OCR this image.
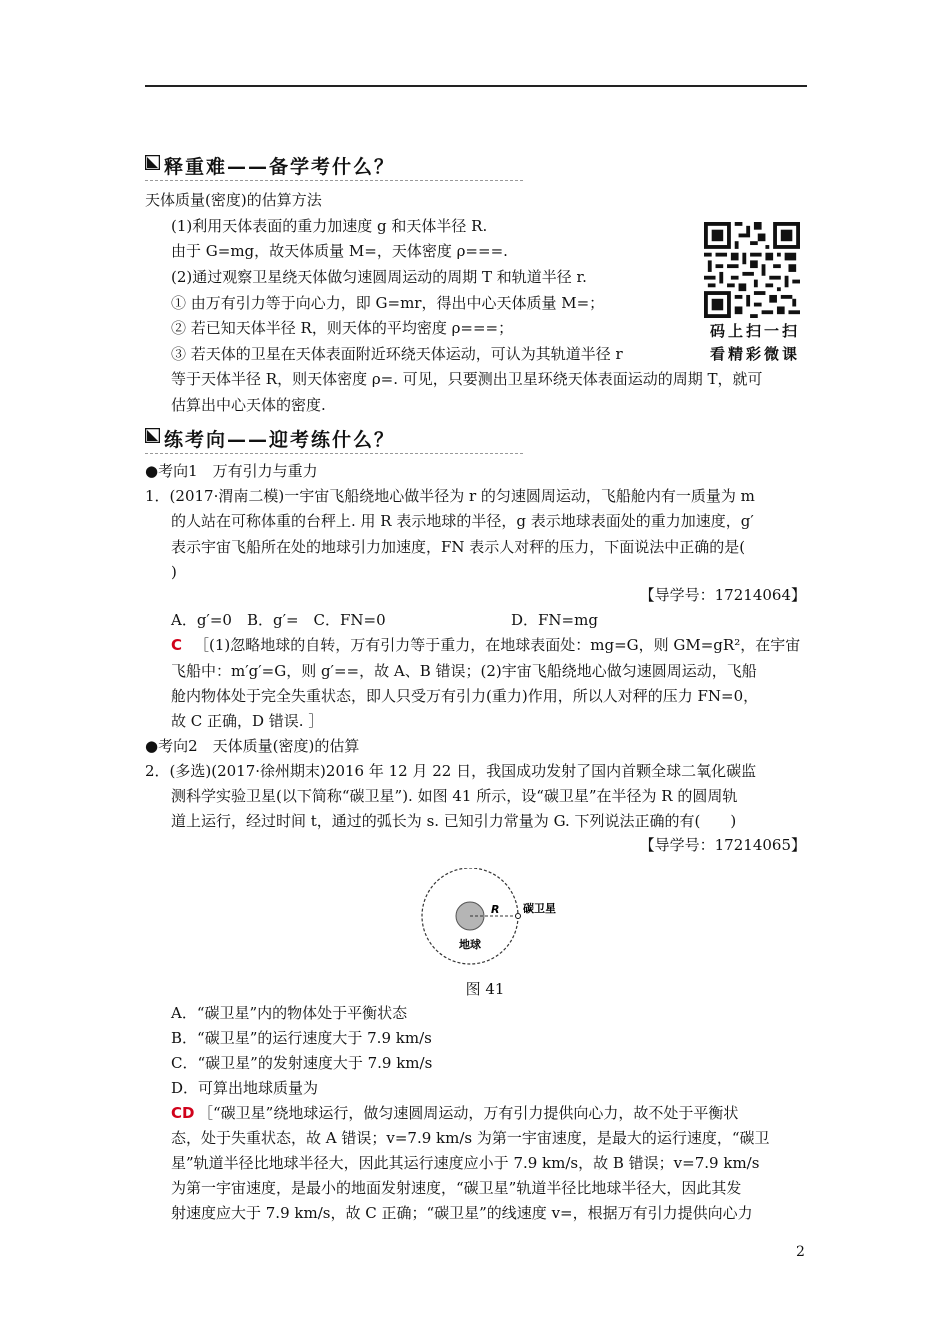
释重难——备学考什么？
天体质量(密度)的估算方法
(1)利用天体表面的重力加速度 g 和天体半径 R.
由于 G=mg，故天体质量 M=，天体密度 ρ===.
(2)通过观察卫星绕天体做匀速圆周运动的周期 T 和轨道半径 r.
① 由万有引力等于向心力，即 G=mr，得出中心天体质量 M=；
② 若已知天体半径 R，则天体的平均密度 ρ===；
③ 若天体的卫星在天体表面附近环绕天体运动，可认为其轨道半径 r
等于天体半径 R，则天体密度 ρ=. 可见，只要测出卫星环绕天体表面运动的周期 T，就可
估算出中心天体的密度.
码上扫一扫
看精彩微课
练考向——迎考练什么？
●考向1　万有引力与重力
1．(2017·渭南二模)一宇宙飞船绕地心做半径为 r 的匀速圆周运动，飞船舱内有一质量为 m
的人站在可称体重的台秤上. 用 R 表示地球的半径，g 表示地球表面处的重力加速度，g′
表示宇宙飞船所在处的地球引力加速度，FN 表示人对秤的压力，下面说法中正确的是(
)
【导学号：17214064】
A．g′=0　B．g′=　C．FN=0	D．FN=mg
C ［(1)忽略地球的自转，万有引力等于重力，在地球表面处：mg=G，则 GM=gR²，在宇宙
飞船中：m′g′=G，则 g′==，故 A、B 错误；(2)宇宙飞船绕地心做匀速圆周运动，飞船
舱内物体处于完全失重状态，即人只受万有引力(重力)作用，所以人对秤的压力 FN=0，
故 C 正确，D 错误. ］
●考向2　天体质量(密度)的估算
2．(多选)(2017·徐州期末)2016 年 12 月 22 日，我国成功发射了国内首颗全球二氧化碳监
测科学实验卫星(以下简称“碳卫星”). 如图 41 所示，设“碳卫星”在半径为 R 的圆周轨
道上运行，经过时间 t，通过的弧长为 s. 已知引力常量为 G. 下列说法正确的有(　　)
【导学号：17214065】
R 碳卫星
地球
图 41
A．“碳卫星”内的物体处于平衡状态
B．“碳卫星”的运行速度大于 7.9 km/s
C．“碳卫星”的发射速度大于 7.9 km/s
D．可算出地球质量为
CD ［“碳卫星”绕地球运行，做匀速圆周运动，万有引力提供向心力，故不处于平衡状
态，处于失重状态，故 A 错误；v=7.9 km/s 为第一宇宙速度，是最大的运行速度，“碳卫
星”轨道半径比地球半径大，因此其运行速度应小于 7.9 km/s，故 B 错误；v=7.9 km/s
为第一宇宙速度，是最小的地面发射速度，“碳卫星”轨道半径比地球半径大，因此其发
射速度应大于 7.9 km/s，故 C 正确；“碳卫星”的线速度 v=，根据万有引力提供向心力
2
